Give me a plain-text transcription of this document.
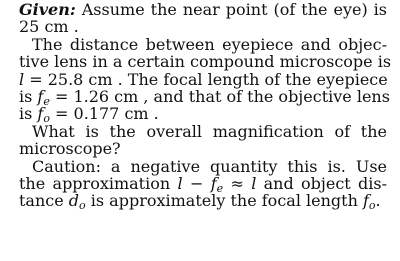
Given: Assume the near point (of the eye) is
25 cm .
The distance between eyepiece and objec-
tive lens in a certain compound microscope is
l = 25.8 cm . The focal length of the eyepiece
is $f_e = 1.26$ cm , and that of the objective lens
is $f_o = 0.177$ cm .
What is the overall magnification of the
microscope?
Caution: a negative quantity this is. Use
the approximation $l - f_e \approx l$ and object dis-
tance $d_o$ is approximately the focal length $f_o$.
